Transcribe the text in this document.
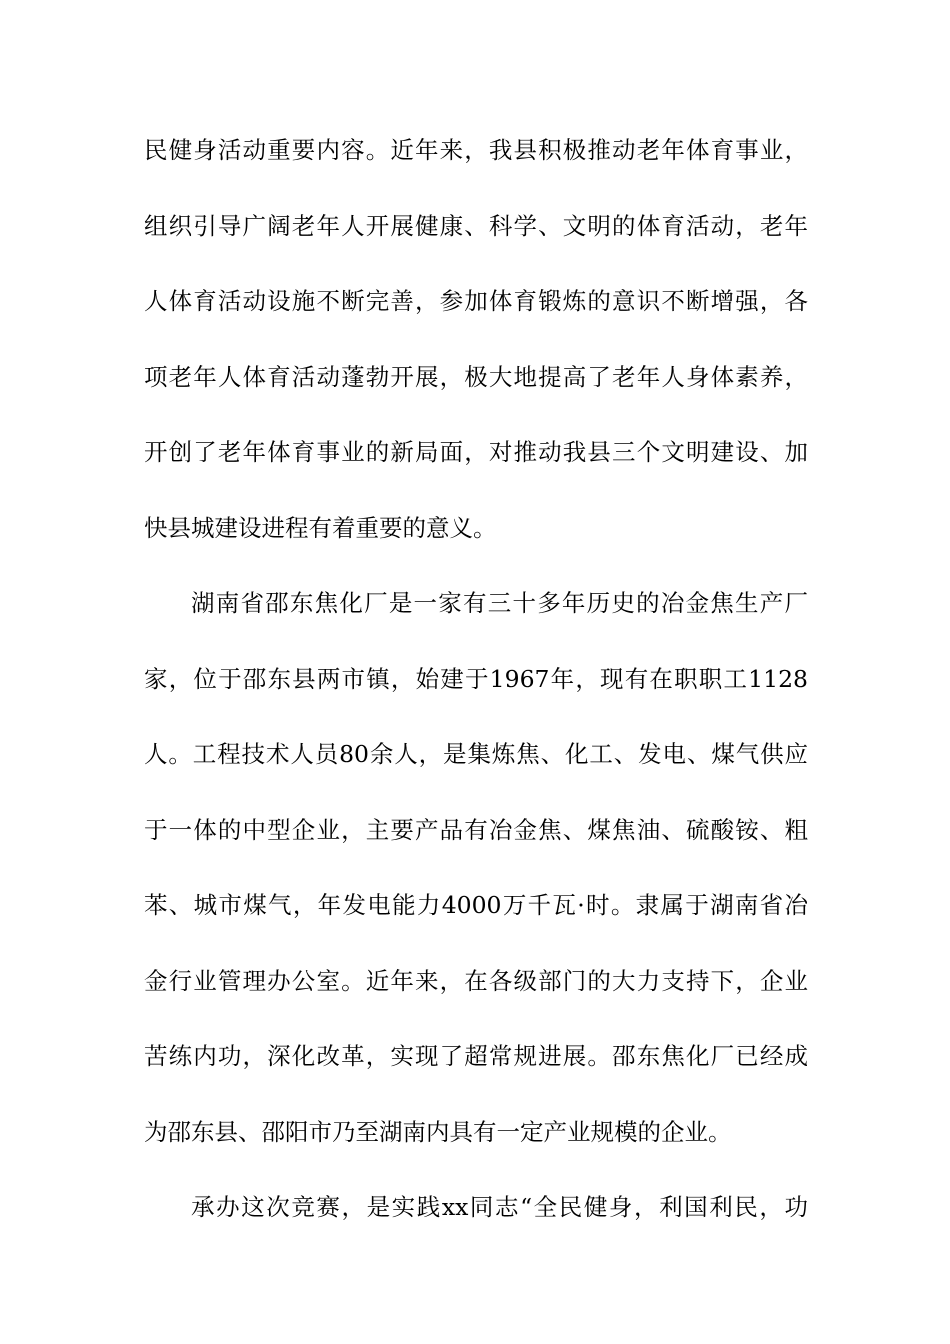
民健身活动重要内容。近年来，我县积极推动老年体育事业，
组织引导广阔老年人开展健康、科学、文明的体育活动，老年
人体育活动设施不断完善，参加体育锻炼的意识不断增强，各
项老年人体育活动蓬勃开展，极大地提高了老年人身体素养，
开创了老年体育事业的新局面，对推动我县三个文明建设、加
快县城建设进程有着重要的意义。
湖南省邵东焦化厂是一家有三十多年历史的冶金焦生产厂
家，位于邵东县两市镇，始建于1967年，现有在职职工1128
人。工程技术人员80余人，是集炼焦、化工、发电、煤气供应
于一体的中型企业，主要产品有冶金焦、煤焦油、硫酸铵、粗
苯、城市煤气，年发电能力4000万千瓦·时。隶属于湖南省冶
金行业管理办公室。近年来，在各级部门的大力支持下，企业
苦练内功，深化改革，实现了超常规进展。邵东焦化厂已经成
为邵东县、邵阳市乃至湖南内具有一定产业规模的企业。
承办这次竞赛，是实践xx同志“全民健身，利国利民，功
